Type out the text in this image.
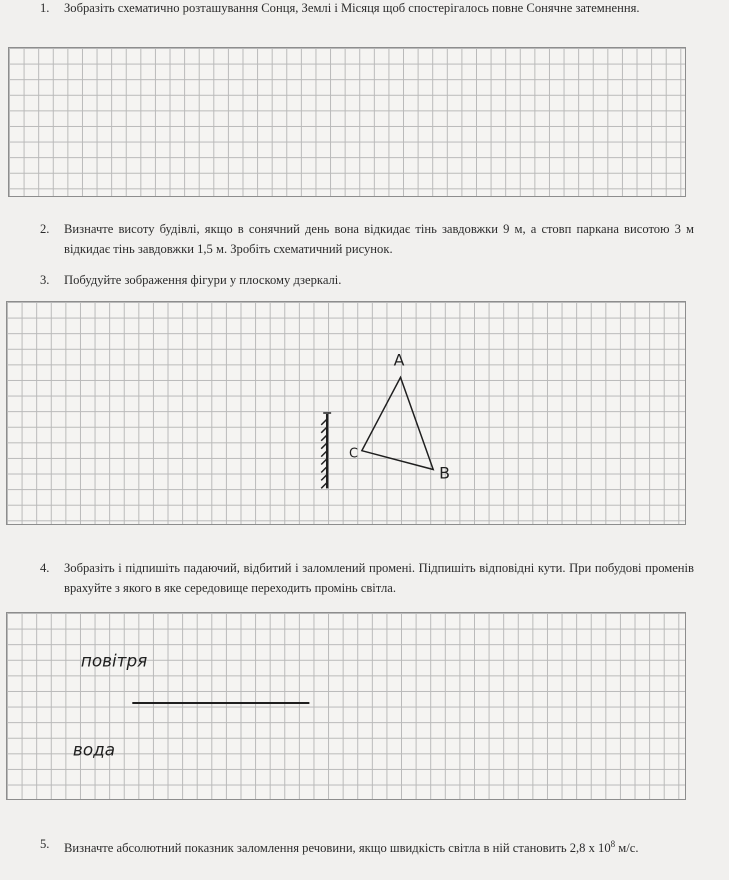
1. Зобразіть схематично розташування Сонця, Землі і Місяця щоб спостерігалось повне Сонячне затемнення.
2. Визначте висоту будівлі, якщо в сонячний день вона відкидає тінь завдовжки 9 м, а стовп паркана висотою 3 м відкидає тінь завдовжки 1,5 м. Зробіть схематичний рисунок.
3. Побудуйте зображення фігури у плоскому дзеркалі.
A
B
C
4. Зобразіть і підпишіть падаючий, відбитий і заломлений промені. Підпишіть відповідні кути. При побудові променів врахуйте з якого в яке середовище переходить промінь світла.
повітря
вода
5. Визначте абсолютний показник заломлення речовини, якщо швидкість світла в ній становить 2,8 х $10^8$ м/с.
